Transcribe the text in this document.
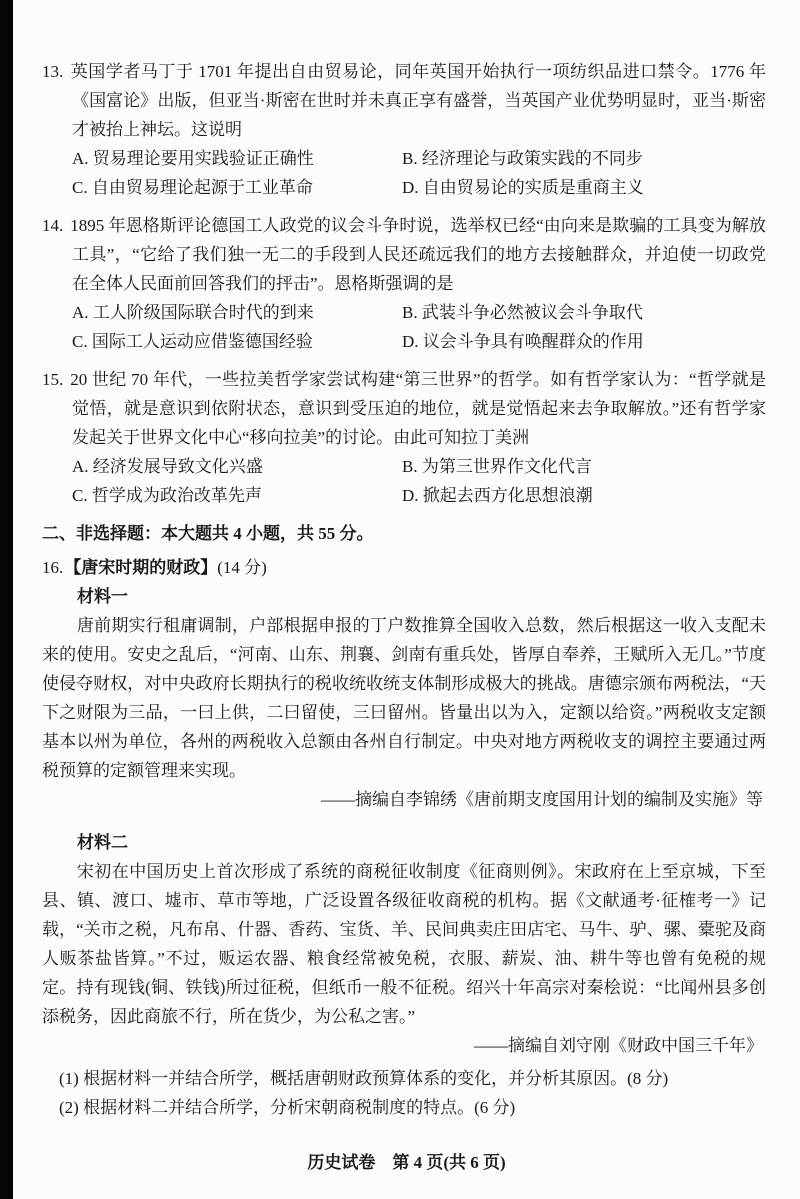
13. 英国学者马丁于 1701 年提出自由贸易论，同年英国开始执行一项纺织品进口禁令。1776 年《国富论》出版，但亚当·斯密在世时并未真正享有盛誉，当英国产业优势明显时，亚当·斯密才被抬上神坛。这说明

A. 贸易理论要用实践验证正确性	B. 经济理论与政策实践的不同步
C. 自由贸易理论起源于工业革命	D. 自由贸易论的实质是重商主义

14. 1895 年恩格斯评论德国工人政党的议会斗争时说，选举权已经“由向来是欺骗的工具变为解放工具”，“它给了我们独一无二的手段到人民还疏远我们的地方去接触群众，并迫使一切政党在全体人民面前回答我们的抨击”。恩格斯强调的是

A. 工人阶级国际联合时代的到来	B. 武装斗争必然被议会斗争取代
C. 国际工人运动应借鉴德国经验	D. 议会斗争具有唤醒群众的作用

15. 20 世纪 70 年代，一些拉美哲学家尝试构建“第三世界”的哲学。如有哲学家认为：“哲学就是觉悟，就是意识到依附状态，意识到受压迫的地位，就是觉悟起来去争取解放。”还有哲学家发起关于世界文化中心“移向拉美”的讨论。由此可知拉丁美洲

A. 经济发展导致文化兴盛	B. 为第三世界作文化代言
C. 哲学成为政治改革先声	D. 掀起去西方化思想浪潮

二、非选择题：本大题共 4 小题，共 55 分。

16.【唐宋时期的财政】(14 分)

材料一

唐前期实行租庸调制，户部根据申报的丁户数推算全国收入总数，然后根据这一收入支配未来的使用。安史之乱后，“河南、山东、荆襄、剑南有重兵处，皆厚自奉养，王赋所入无几。”节度使侵夺财权，对中央政府长期执行的税收统收统支体制形成极大的挑战。唐德宗颁布两税法，“天下之财限为三品，一曰上供，二曰留使，三曰留州。皆量出以为入，定额以给资。”两税收支定额基本以州为单位，各州的两税收入总额由各州自行制定。中央对地方两税收支的调控主要通过两税预算的定额管理来实现。

——摘编自李锦绣《唐前期支度国用计划的编制及实施》等

材料二

宋初在中国历史上首次形成了系统的商税征收制度《征商则例》。宋政府在上至京城，下至县、镇、渡口、墟市、草市等地，广泛设置各级征收商税的机构。据《文献通考·征榷考一》记载，“关市之税，凡布帛、什器、香药、宝货、羊、民间典卖庄田店宅、马牛、驴、骡、橐驼及商人贩茶盐皆算。”不过，贩运农器、粮食经常被免税，衣服、薪炭、油、耕牛等也曾有免税的规定。持有现钱(铜、铁钱)所过征税，但纸币一般不征税。绍兴十年高宗对秦桧说：“比闻州县多创添税务，因此商旅不行，所在货少，为公私之害。”

——摘编自刘守刚《财政中国三千年》

(1) 根据材料一并结合所学，概括唐朝财政预算体系的变化，并分析其原因。(8 分)

(2) 根据材料二并结合所学，分析宋朝商税制度的特点。(6 分)

历史试卷　第 4 页(共 6 页)
